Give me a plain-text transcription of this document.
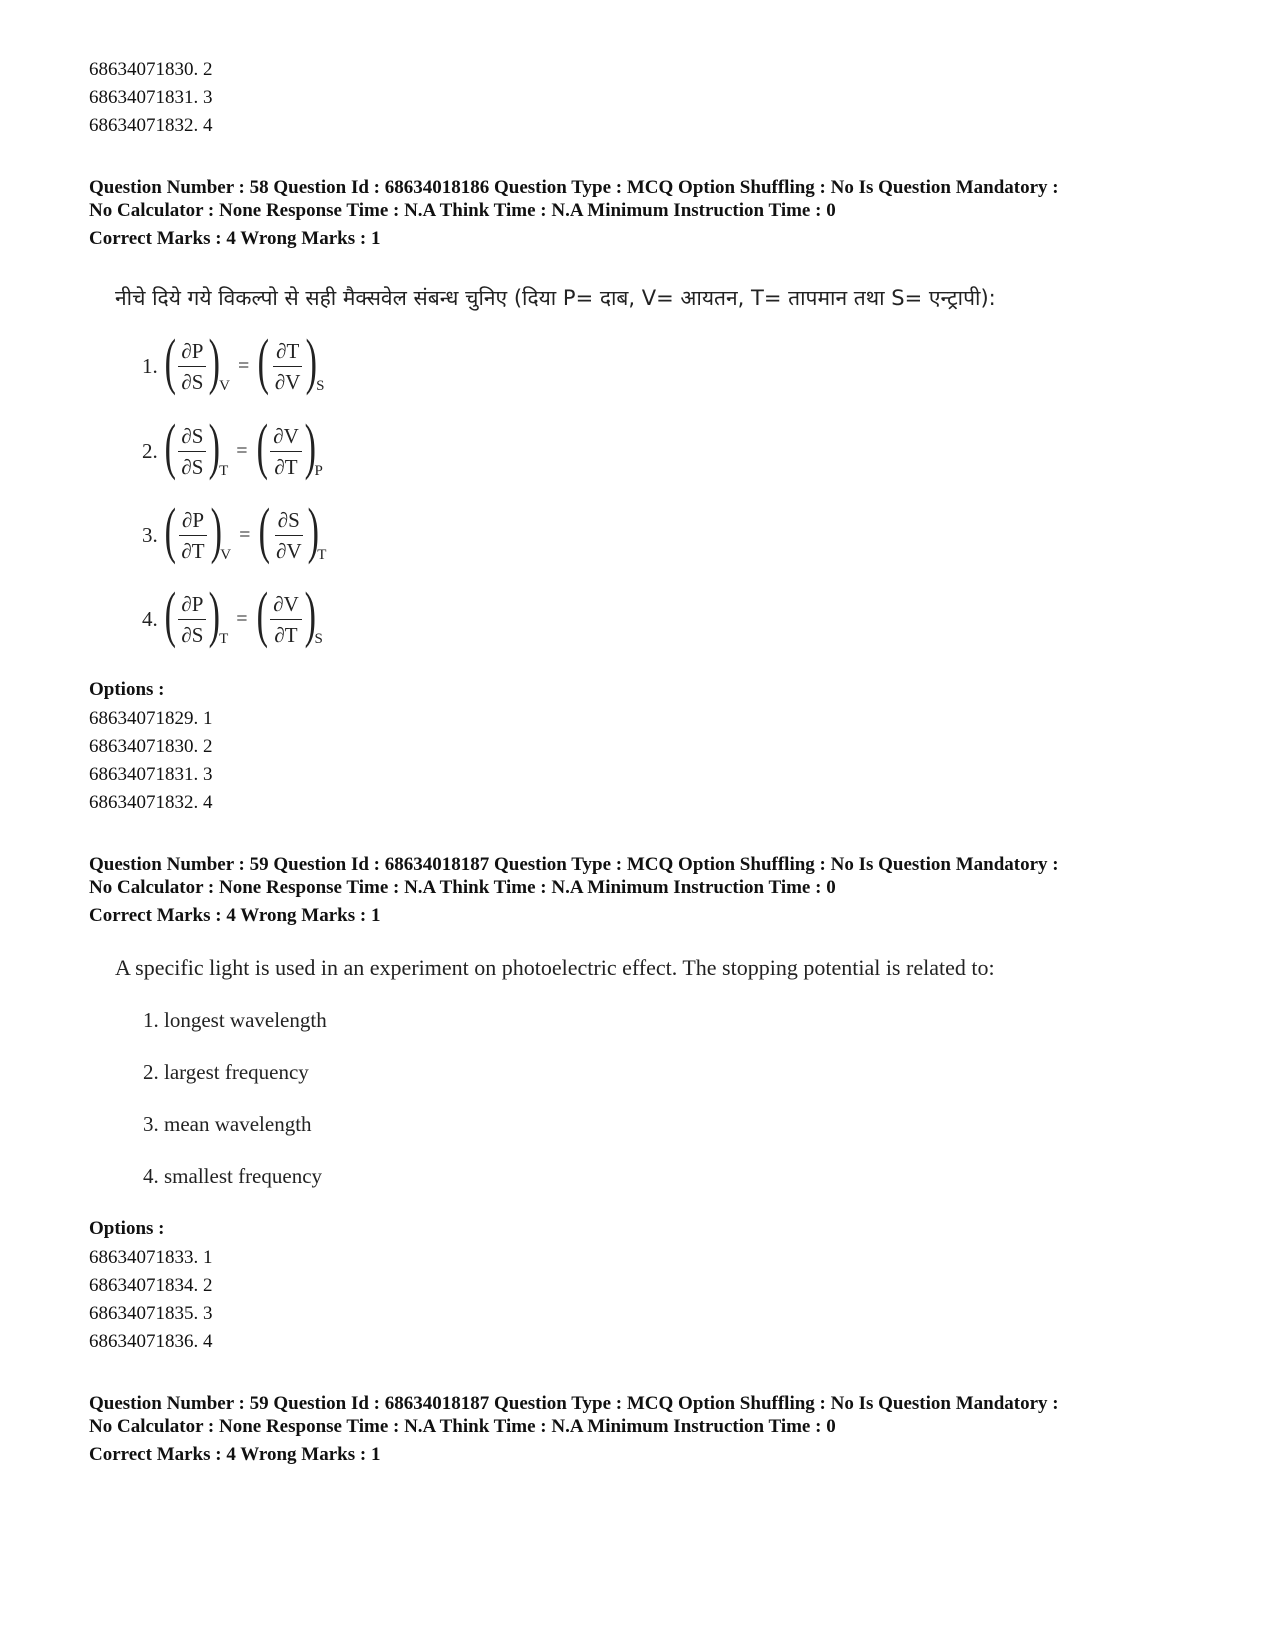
68634071830. 2
68634071831. 3
68634071832. 4
Question Number : 58 Question Id : 68634018186 Question Type : MCQ Option Shuffling : No Is Question Mandatory :
No Calculator : None Response Time : N.A Think Time : N.A Minimum Instruction Time : 0
Correct Marks : 4 Wrong Marks : 1
नीचे दिये गये विकल्पो से सही मैक्सवेल संबन्ध चुनिए (दिया P= दाब, V= आयतन, T= तापमान तथा S= एन्ट्रापी):
1. ( $\frac{\partial P}{\partial S}$ )
V
= ( $\frac{\partial T}{\partial V}$ )
S
2. ( $\frac{\partial S}{\partial S}$ )
T
= ( $\frac{\partial V}{\partial T}$ )
P
3. ( $\frac{\partial P}{\partial T}$ )
V
= ( $\frac{\partial S}{\partial V}$ )
T
4. ( $\frac{\partial P}{\partial S}$ )
T
= ( $\frac{\partial V}{\partial T}$ )
S
Options :
68634071829. 1
68634071830. 2
68634071831. 3
68634071832. 4
Question Number : 59 Question Id : 68634018187 Question Type : MCQ Option Shuffling : No Is Question Mandatory :
No Calculator : None Response Time : N.A Think Time : N.A Minimum Instruction Time : 0
Correct Marks : 4 Wrong Marks : 1
A specific light is used in an experiment on photoelectric effect. The stopping potential is related to:
1. longest wavelength
2. largest frequency
3. mean wavelength
4. smallest frequency
Options :
68634071833. 1
68634071834. 2
68634071835. 3
68634071836. 4
Question Number : 59 Question Id : 68634018187 Question Type : MCQ Option Shuffling : No Is Question Mandatory :
No Calculator : None Response Time : N.A Think Time : N.A Minimum Instruction Time : 0
Correct Marks : 4 Wrong Marks : 1
